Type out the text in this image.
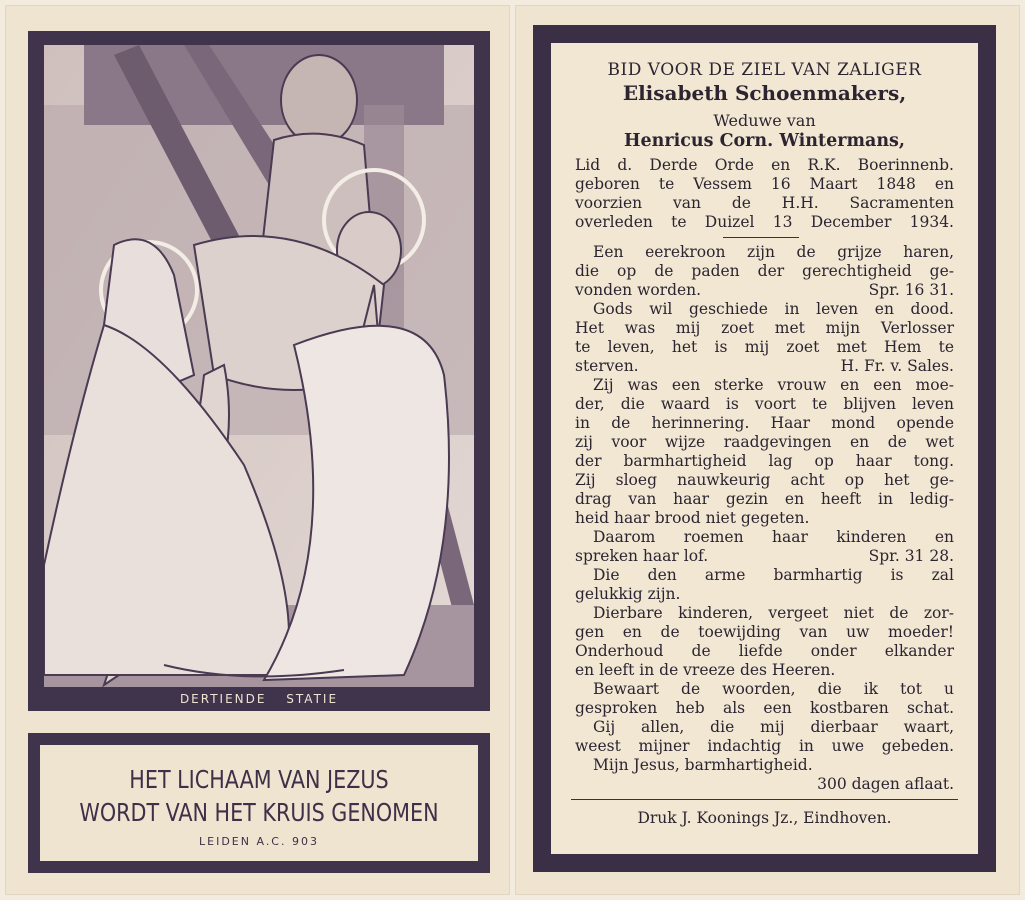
DERTIENDE STATIE
HET LICHAAM VAN JEZUS
WORDT VAN HET KRUIS GENOMEN
LEIDEN A.C. 903
BID VOOR DE ZIEL VAN ZALIGER
Elisabeth Schoenmakers,
Weduwe van
Henricus Corn. Wintermans,
Lid d. Derde Orde en R.K. Boerinnenb.
geboren te Vessem 16 Maart 1848 en
voorzien van de H.H. Sacramenten
overleden te Duizel 13 December 1934.
Een eerekroon zijn de grijze haren,
die op de paden der gerechtigheid ge-
vonden worden.	Spr. 16 31.
Gods wil geschiede in leven en dood.
Het was mij zoet met mijn Verlosser
te leven, het is mij zoet met Hem te
sterven.	H. Fr. v. Sales.
Zij was een sterke vrouw en een moe-
der, die waard is voort te blijven leven
in de herinnering. Haar mond opende
zij voor wijze raadgevingen en de wet
der barmhartigheid lag op haar tong.
Zij sloeg nauwkeurig acht op het ge-
drag van haar gezin en heeft in ledig-
heid haar brood niet gegeten.
Daarom roemen haar kinderen en
spreken haar lof.	Spr. 31 28.
Die den arme barmhartig is zal
gelukkig zijn.
Dierbare kinderen, vergeet niet de zor-
gen en de toewijding van uw moeder!
Onderhoud de liefde onder elkander
en leeft in de vreeze des Heeren.
Bewaart de woorden, die ik tot u
gesproken heb als een kostbaren schat.
Gij allen, die mij dierbaar waart,
weest mijner indachtig in uwe gebeden.
Mijn Jesus, barmhartigheid.
300 dagen aflaat.
Druk J. Koonings Jz., Eindhoven.
